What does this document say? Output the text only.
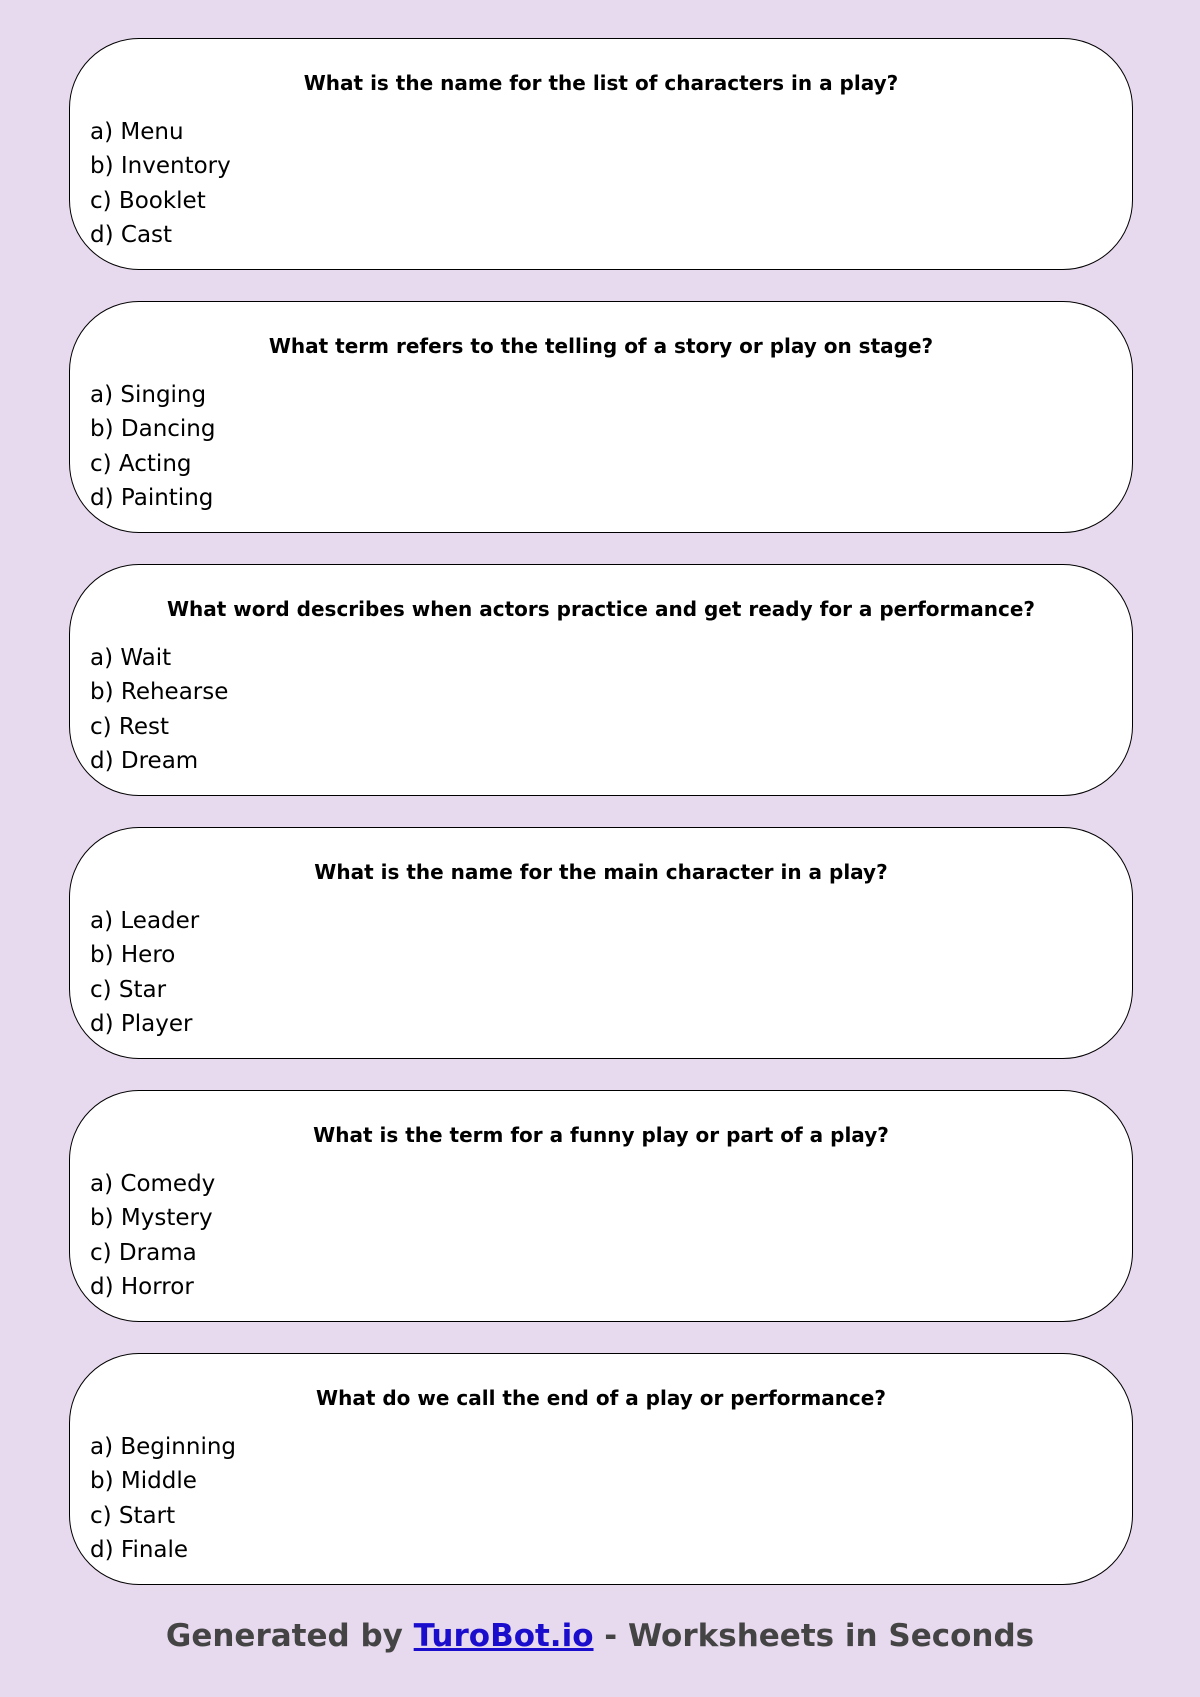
What is the name for the list of characters in a play?
a) Menu
b) Inventory
c) Booklet
d) Cast
What term refers to the telling of a story or play on stage?
a) Singing
b) Dancing
c) Acting
d) Painting
What word describes when actors practice and get ready for a performance?
a) Wait
b) Rehearse
c) Rest
d) Dream
What is the name for the main character in a play?
a) Leader
b) Hero
c) Star
d) Player
What is the term for a funny play or part of a play?
a) Comedy
b) Mystery
c) Drama
d) Horror
What do we call the end of a play or performance?
a) Beginning
b) Middle
c) Start
d) Finale
Generated by TuroBot.io - Worksheets in Seconds
